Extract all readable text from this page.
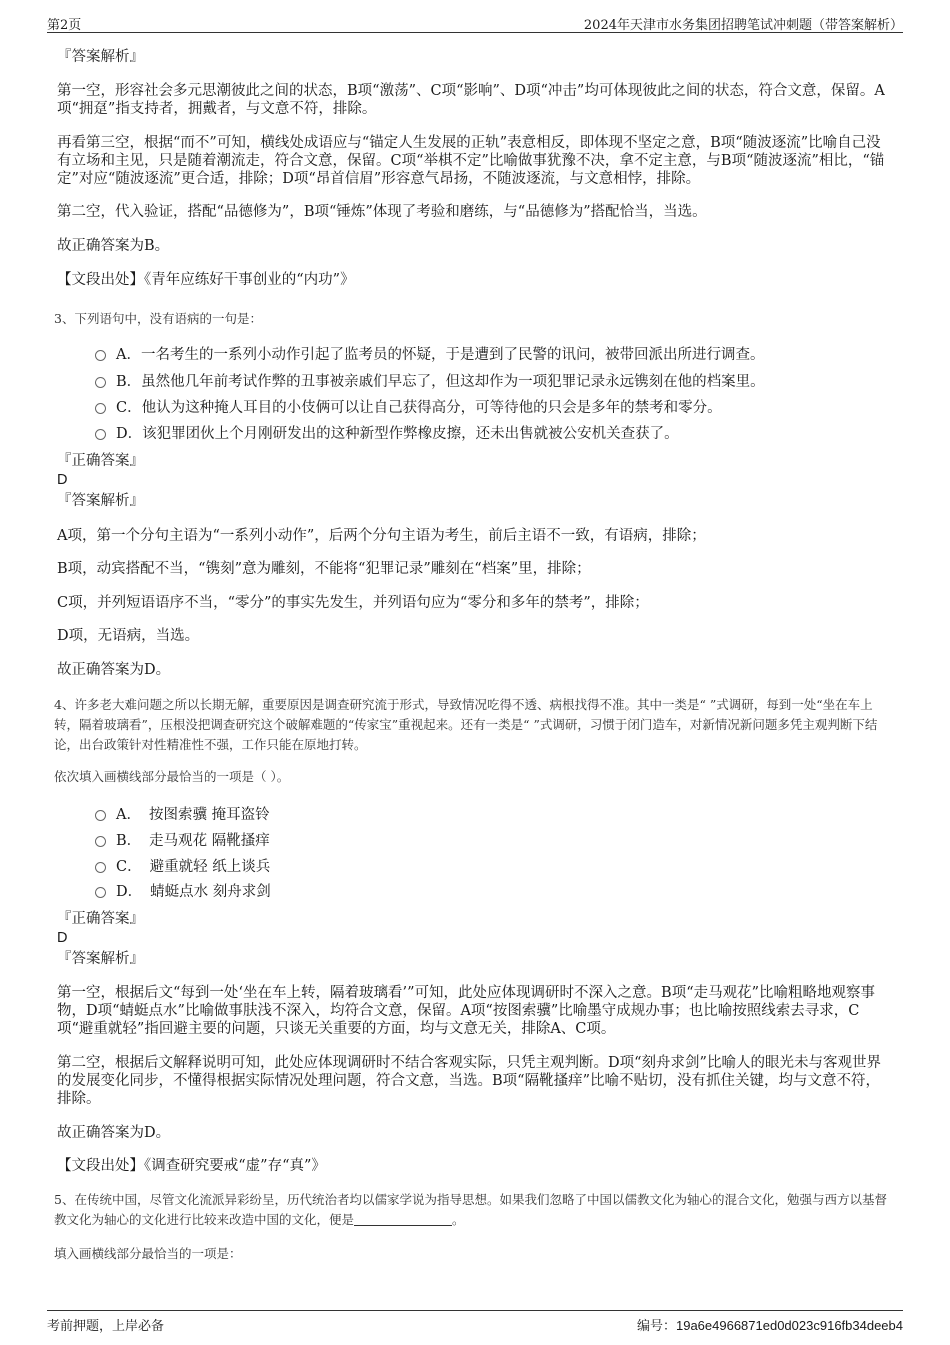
第2页	2024年天津市水务集团招聘笔试冲刺题（带答案解析）

『答案解析』

第一空，形容社会多元思潮彼此之间的状态，B项“激荡”、C项“影响”、D项“冲击”均可体现彼此之间的状态，符合文意，保留。A项“拥趸”指支持者，拥戴者，与文意不符，排除。

再看第三空，根据“而不”可知，横线处成语应与“锚定人生发展的正轨”表意相反，即体现不坚定之意，B项“随波逐流”比喻自己没有立场和主见，只是随着潮流走，符合文意，保留。C项“举棋不定”比喻做事犹豫不决，拿不定主意，与B项“随波逐流”相比，“锚定”对应“随波逐流”更合适，排除；D项“昂首信眉”形容意气昂扬，不随波逐流，与文意相悖，排除。

第二空，代入验证，搭配“品德修为”，B项“锤炼”体现了考验和磨练，与“品德修为”搭配恰当，当选。

故正确答案为B。

【文段出处】《青年应练好干事创业的“内功”》

3、下列语句中，没有语病的一句是：

A．一名考生的一系列小动作引起了监考员的怀疑，于是遭到了民警的讯问，被带回派出所进行调查。
B．虽然他几年前考试作弊的丑事被亲戚们早忘了，但这却作为一项犯罪记录永远镌刻在他的档案里。
C．他认为这种掩人耳目的小伎俩可以让自己获得高分，可等待他的只会是多年的禁考和零分。
D．该犯罪团伙上个月刚研发出的这种新型作弊橡皮擦，还未出售就被公安机关查获了。

『正确答案』

D

『答案解析』

A项，第一个分句主语为“一系列小动作”，后两个分句主语为考生，前后主语不一致，有语病，排除；

B项，动宾搭配不当，“镌刻”意为雕刻，不能将“犯罪记录”雕刻在“档案”里，排除；

C项，并列短语语序不当，“零分”的事实先发生，并列语句应为“零分和多年的禁考”，排除；

D项，无语病，当选。

故正确答案为D。

4、许多老大难问题之所以长期无解，重要原因是调查研究流于形式，导致情况吃得不透、病根找得不准。其中一类是“ ”式调研，每到一处“坐在车上转，隔着玻璃看”，压根没把调查研究这个破解难题的“传家宝”重视起来。还有一类是“ ”式调研，习惯于闭门造车，对新情况新问题多凭主观判断下结论，出台政策针对性精准性不强，工作只能在原地打转。

依次填入画横线部分最恰当的一项是（ ）。

A． 按图索骥 掩耳盗铃
B． 走马观花 隔靴搔痒
C． 避重就轻 纸上谈兵
D． 蜻蜓点水 刻舟求剑

『正确答案』

D

『答案解析』

第一空，根据后文“每到一处‘坐在车上转，隔着玻璃看’”可知，此处应体现调研时不深入之意。B项“走马观花”比喻粗略地观察事物，D项“蜻蜓点水”比喻做事肤浅不深入，均符合文意，保留。A项“按图索骥”比喻墨守成规办事；也比喻按照线索去寻求，C项“避重就轻”指回避主要的问题，只谈无关重要的方面，均与文意无关，排除A、C项。

第二空，根据后文解释说明可知，此处应体现调研时不结合客观实际，只凭主观判断。D项“刻舟求剑”比喻人的眼光未与客观世界的发展变化同步，不懂得根据实际情况处理问题，符合文意，当选。B项“隔靴搔痒”比喻不贴切，没有抓住关键，均与文意不符，排除。

故正确答案为D。

【文段出处】《调查研究要戒“虚”存“真”》

5、在传统中国，尽管文化流派异彩纷呈，历代统治者均以儒家学说为指导思想。如果我们忽略了中国以儒教文化为轴心的混合文化，勉强与西方以基督教文化为轴心的文化进行比较来改造中国的文化，便是	。

填入画横线部分最恰当的一项是：

考前押题，上岸必备	编号：19a6e4966871ed0d023c916fb34deeb4
